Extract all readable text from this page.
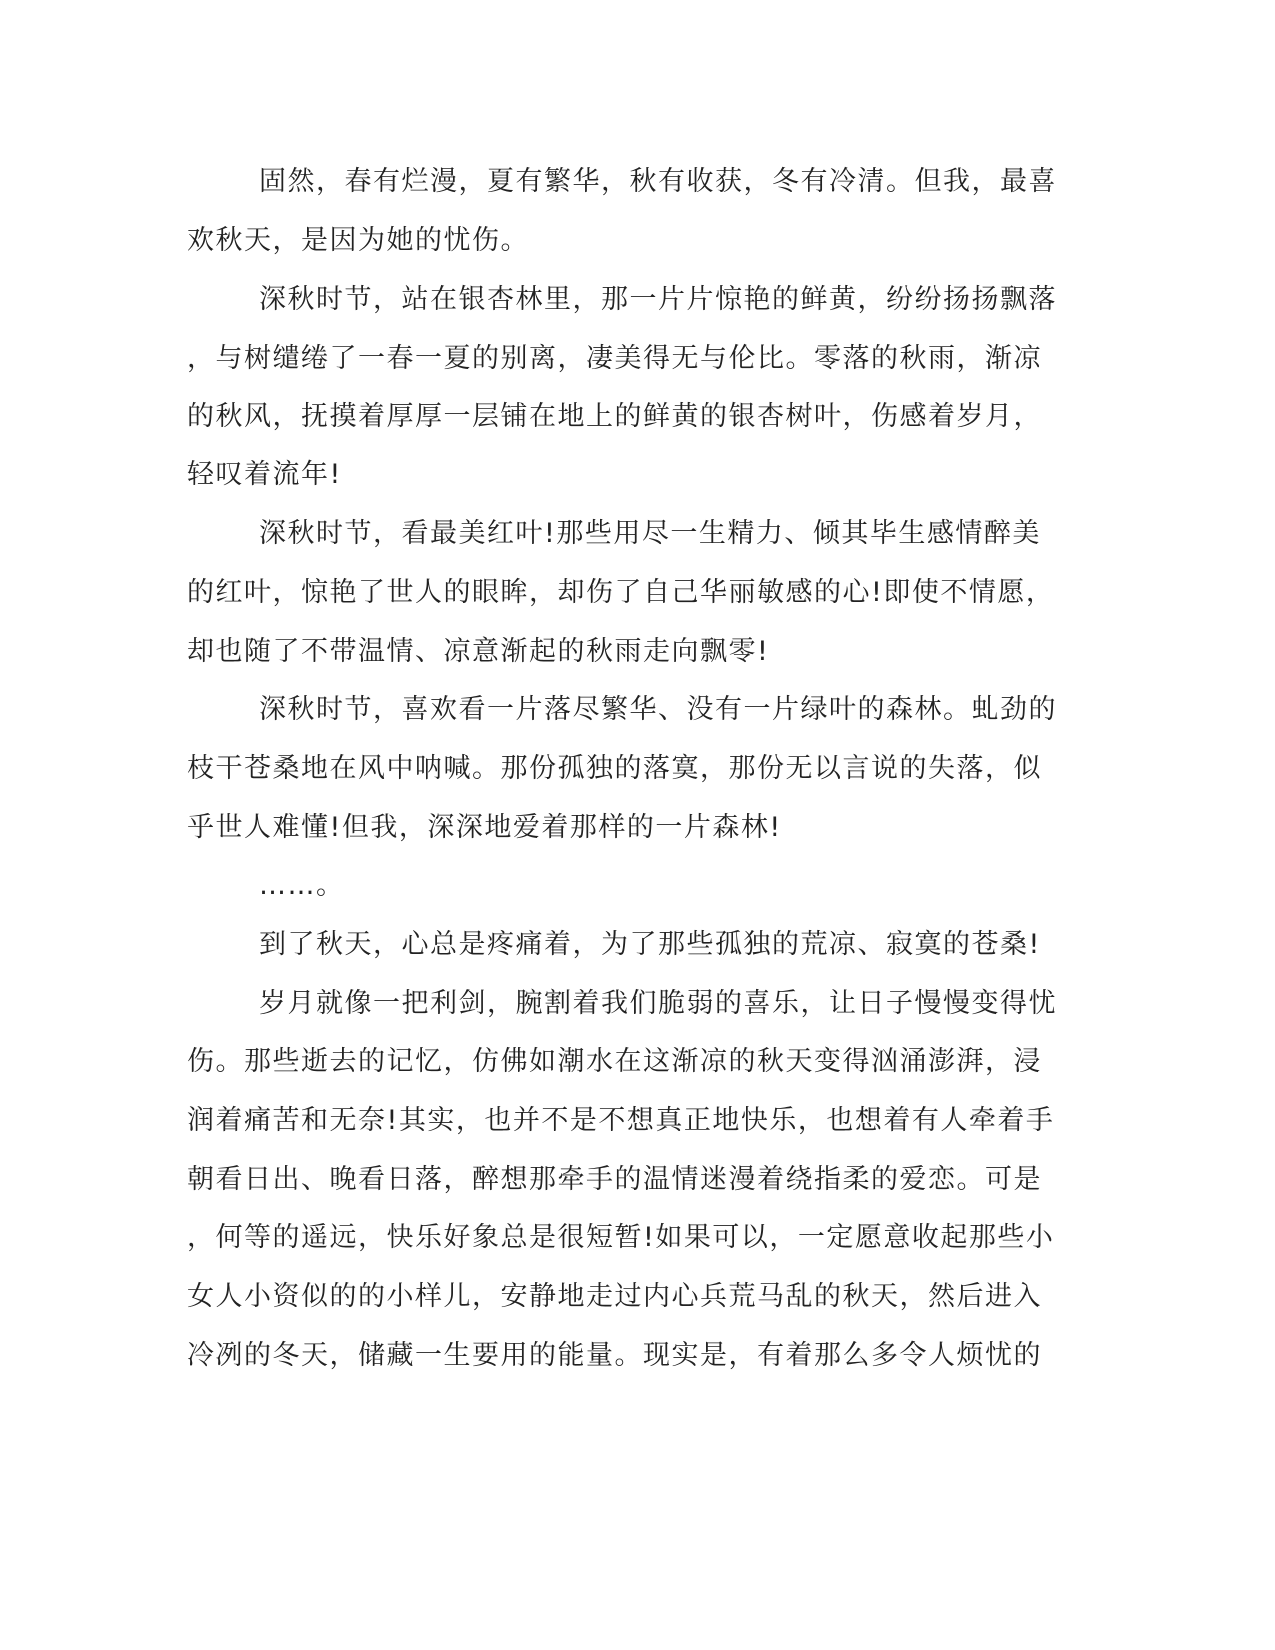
固然，春有烂漫，夏有繁华，秋有收获，冬有冷清。但我，最喜
欢秋天，是因为她的忧伤。
深秋时节，站在银杏林里，那一片片惊艳的鲜黄，纷纷扬扬飘落
，与树缱绻了一春一夏的别离，凄美得无与伦比。零落的秋雨，渐凉
的秋风，抚摸着厚厚一层铺在地上的鲜黄的银杏树叶，伤感着岁月，
轻叹着流年!
深秋时节，看最美红叶!那些用尽一生精力、倾其毕生感情醉美
的红叶，惊艳了世人的眼眸，却伤了自己华丽敏感的心!即使不情愿，
却也随了不带温情、凉意渐起的秋雨走向飘零!
深秋时节，喜欢看一片落尽繁华、没有一片绿叶的森林。虬劲的
枝干苍桑地在风中呐喊。那份孤独的落寞，那份无以言说的失落，似
乎世人难懂!但我，深深地爱着那样的一片森林!
……。
到了秋天，心总是疼痛着，为了那些孤独的荒凉、寂寞的苍桑!
岁月就像一把利剑，腕割着我们脆弱的喜乐，让日子慢慢变得忧
伤。那些逝去的记忆，仿佛如潮水在这渐凉的秋天变得汹涌澎湃，浸
润着痛苦和无奈!其实，也并不是不想真正地快乐，也想着有人牵着手
朝看日出、晚看日落，醉想那牵手的温情迷漫着绕指柔的爱恋。可是
，何等的遥远，快乐好象总是很短暂!如果可以，一定愿意收起那些小
女人小资似的的小样儿，安静地走过内心兵荒马乱的秋天，然后进入
冷冽的冬天，储藏一生要用的能量。现实是，有着那么多令人烦忧的
